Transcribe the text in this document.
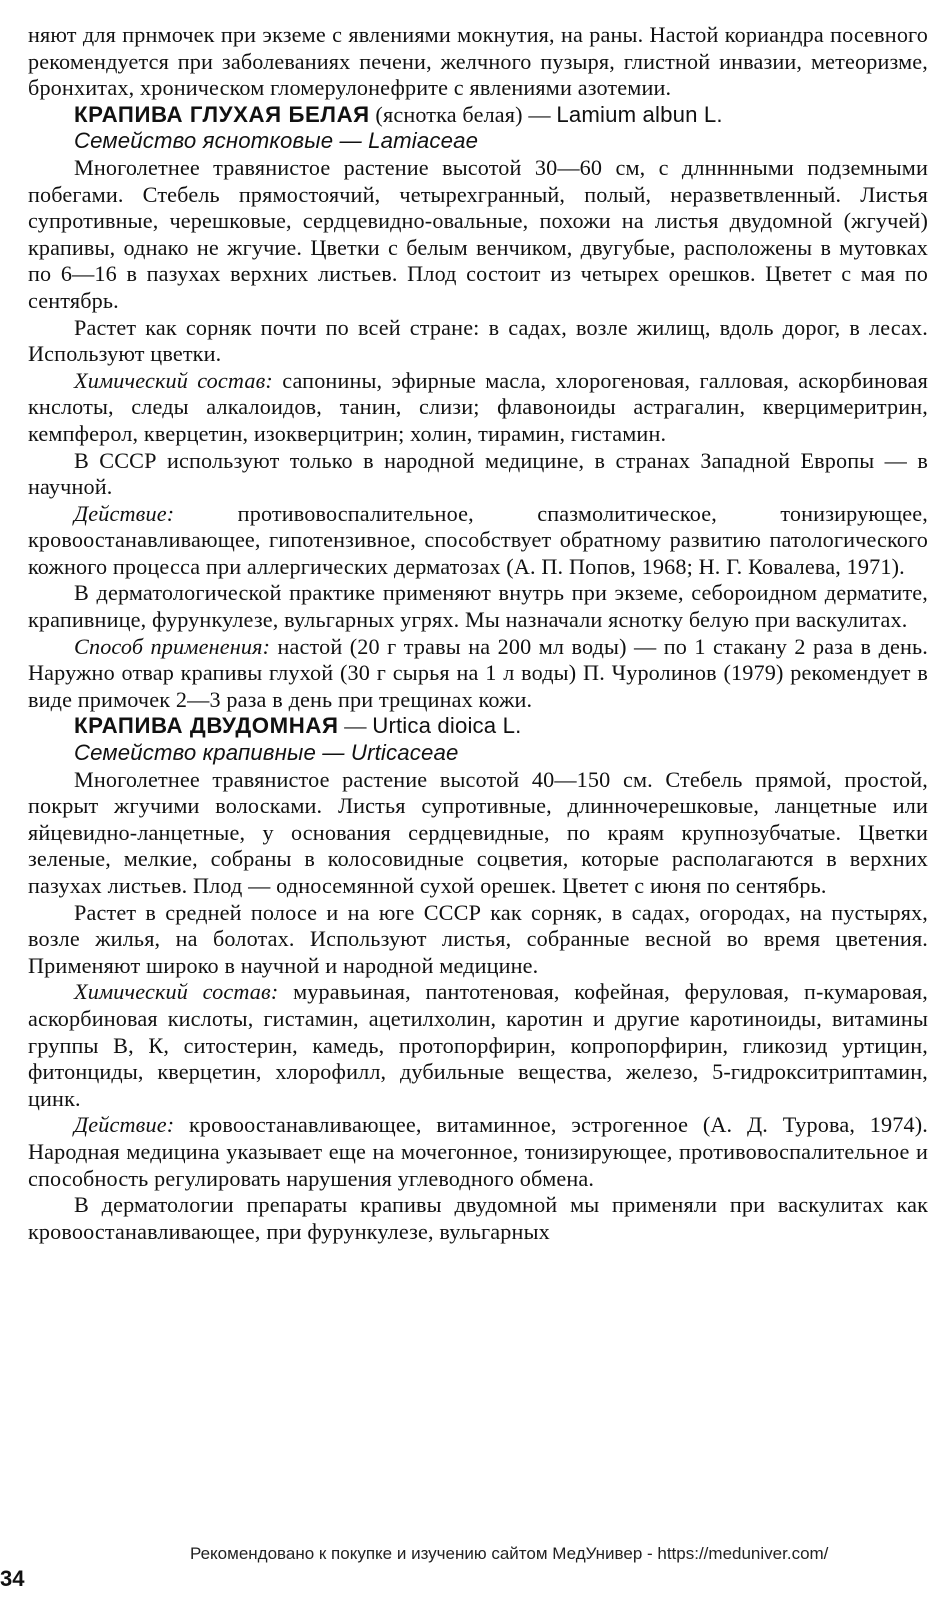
няют для прнмочек при экземе с явлениями мокнутия, на раны. Настой кориандра посевного рекомендуется при заболеваниях печени, желчного пузыря, глистной инвазии, метеоризме, бронхитах, хроническом гломерулонефрите с явлениями азотемии.

КРАПИВА ГЛУХАЯ БЕЛАЯ (яснотка белая) — Lamium albun L.

Семейство яснотковые — Lamiaceae

Многолетнее травянистое растение высотой 30—60 см, с длнннными подземными побегами. Стебель прямостоячий, четырехгранный, полый, неразветвленный. Листья супротивные, черешковые, сердцевидно-овальные, похожи на листья двудомной (жгучей) крапивы, однако не жгучие. Цветки с белым венчиком, двугубые, расположены в мутовках по 6—16 в пазухах верхних листьев. Плод состоит из четырех орешков. Цветет с мая по сентябрь.

Растет как сорняк почти по всей стране: в садах, возле жилищ, вдоль дорог, в лесах. Используют цветки.

Химический состав: сапонины, эфирные масла, хлорогеновая, галловая, аскорбиновая кнслоты, следы алкалоидов, танин, слизи; флавоноиды астрагалин, кверцимеритрин, кемпферол, кверцетин, изокверцитрин; холин, тирамин, гистамин.

В СССР используют только в народной медицине, в странах Западной Европы — в научной.

Действие: противовоспалительное, спазмолитическое, тонизирующее, кровоостанавливающее, гипотензивное, способствует обратному развитию патологического кожного процесса при аллергических дерматозах (А. П. Попов, 1968; Н. Г. Ковалева, 1971).

В дерматологической практике применяют внутрь при экземе, себороидном дерматите, крапивнице, фурункулезе, вульгарных угрях. Мы назначали яснотку белую при васкулитах.

Способ применения: настой (20 г травы на 200 мл воды) — по 1 стакану 2 раза в день. Наружно отвар крапивы глухой (30 г сырья на 1 л воды) П. Чуролинов (1979) рекомендует в виде примочек 2—3 раза в день при трещинах кожи.

КРАПИВА ДВУДОМНАЯ — Urtica dioica L.

Семейство крапивные — Urticaceae

Многолетнее травянистое растение высотой 40—150 см. Стебель прямой, простой, покрыт жгучими волосками. Листья супротивные, длинночерешковые, ланцетные или яйцевидно-ланцетные, у основания сердцевидные, по краям крупнозубчатые. Цветки зеленые, мелкие, собраны в колосовидные соцветия, которые располагаются в верхних пазухах листьев. Плод — односемянной сухой орешек. Цветет с июня по сентябрь.

Растет в средней полосе и на юге СССР как сорняк, в садах, огородах, на пустырях, возле жилья, на болотах. Используют листья, собранные весной во время цветения. Применяют широко в научной и народной медицине.

Химический состав: муравьиная, пантотеновая, кофейная, феруловая, п-кумаровая, аскорбиновая кислоты, гистамин, ацетилхолин, каротин и другие каротиноиды, витамины группы В, К, ситостерин, камедь, протопорфирин, копропорфирин, гликозид уртицин, фитонциды, кверцетин, хлорофилл, дубильные вещества, железо, 5-гидрокситриптамин, цинк.

Действие: кровоостанавливающее, витаминное, эстрогенное (А. Д. Турова, 1974). Народная медицина указывает еще на мочегонное, тонизирующее, противовоспалительное и способность регулировать нарушения углеводного обмена.

В дерматологии препараты крапивы двудомной мы применяли при васкулитах как кровоостанавливающее, при фурункулезе, вульгарных

Рекомендовано к покупке и изучению сайтом МедУнивер - https://meduniver.com/
34
